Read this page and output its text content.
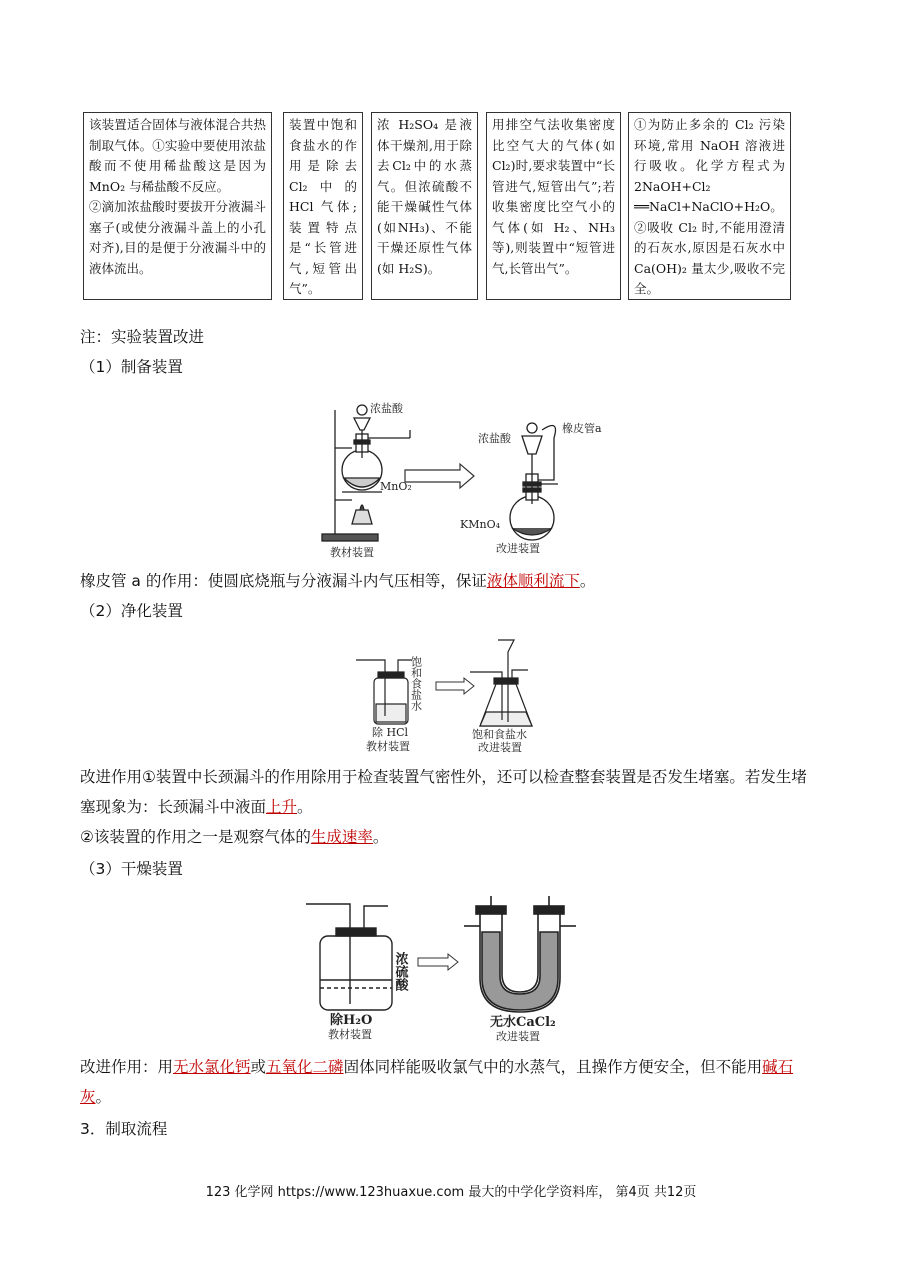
该装置适合固体与液体混合共热制取气体。①实验中要使用浓盐酸而不使用稀盐酸这是因为 MnO₂ 与稀盐酸不反应。
②滴加浓盐酸时要拔开分液漏斗塞子(或使分液漏斗盖上的小孔对齐),目的是便于分液漏斗中的液体流出。
装置中饱和食盐水的作用是除去Cl₂中的 HCl 气体;装置特点是“长管进气,短管出气”。
浓 H₂SO₄ 是液体干燥剂,用于除去Cl₂中的水蒸气。但浓硫酸不能干燥碱性气体(如NH₃)、不能干燥还原性气体(如 H₂S)。
用排空气法收集密度比空气大的气体(如 Cl₂)时,要求装置中“长管进气,短管出气”;若收集密度比空气小的气体(如 H₂、NH₃ 等),则装置中“短管进气,长管出气”。
①为防止多余的 Cl₂ 污染环境,常用 NaOH 溶液进行吸收。化学方程式为 2NaOH+Cl₂ ══NaCl+NaClO+H₂O。
②吸收 Cl₂ 时,不能用澄清的石灰水,原因是石灰水中 Ca(OH)₂ 量太少,吸收不完全。
注：实验装置改进
（1）制备装置
浓盐酸
MnO₂
教材装置
浓盐酸
橡皮管a
KMnO₄
改进装置
橡皮管 a 的作用：使圆底烧瓶与分液漏斗内气压相等，保证液体顺利流下。
（2）净化装置
饱和食盐水
除 HCl
教材装置
饱和食盐水
改进装置
改进作用①装置中长颈漏斗的作用除用于检查装置气密性外，还可以检查整套装置是否发生堵塞。若发生堵塞现象为：长颈漏斗中液面上升。
②该装置的作用之一是观察气体的生成速率。
（3）干燥装置
浓硫酸
除H₂O
教材装置
无水CaCl₂
改进装置
改进作用：用无水氯化钙或五氧化二磷固体同样能吸收氯气中的水蒸气，且操作方便安全，但不能用碱石灰。
3．制取流程
123 化学网 https://www.123huaxue.com 最大的中学化学资料库， 第4页 共12页
